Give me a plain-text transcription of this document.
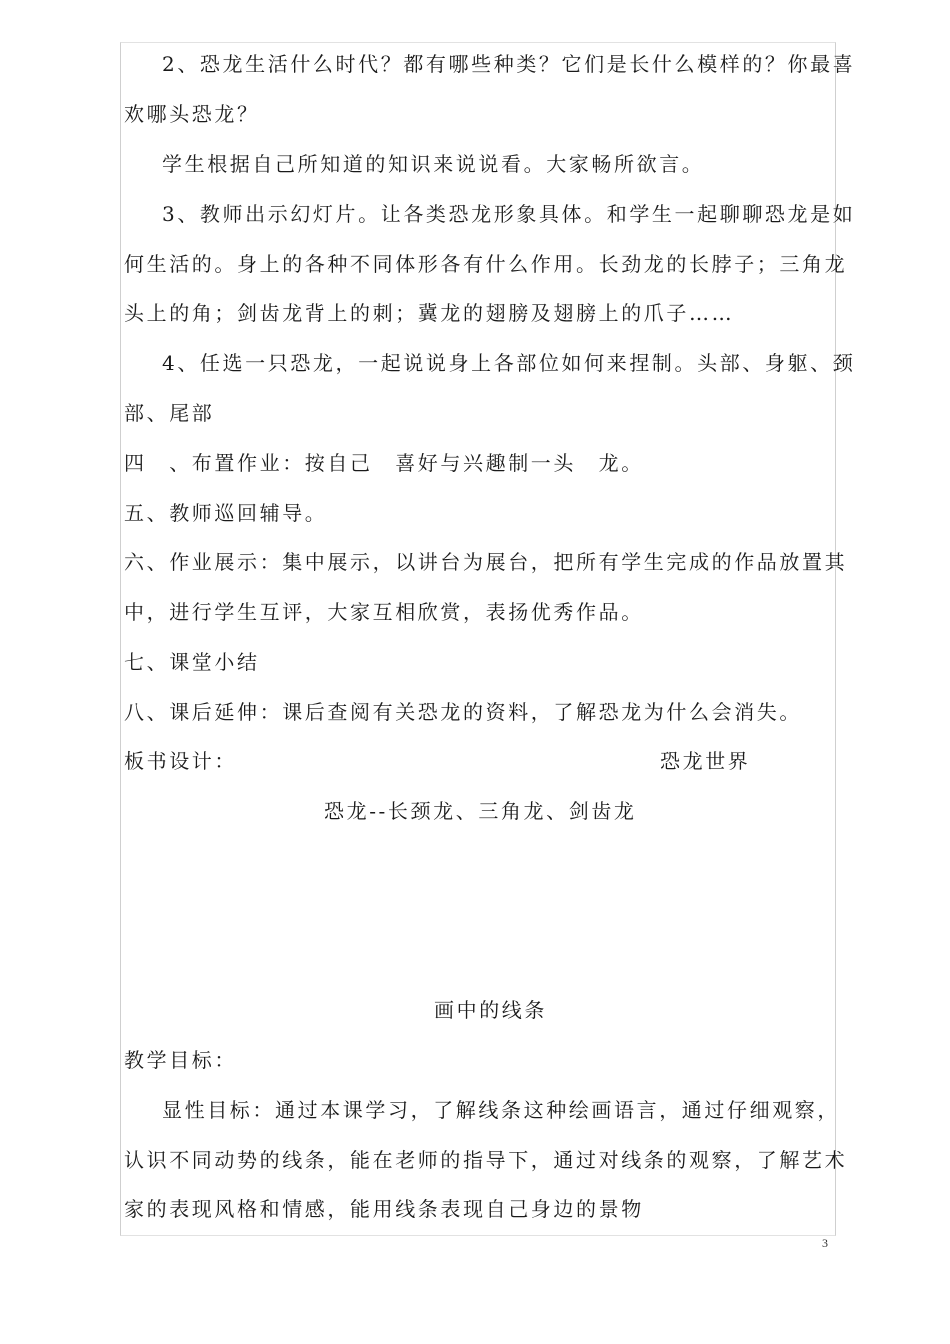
2、恐龙生活什么时代？都有哪些种类？它们是长什么模样的？你最喜
欢哪头恐龙？
学生根据自己所知道的知识来说说看。大家畅所欲言。
3、教师出示幻灯片。让各类恐龙形象具体。和学生一起聊聊恐龙是如
何生活的。身上的各种不同体形各有什么作用。长劲龙的长脖子；三角龙
头上的角；剑齿龙背上的刺；冀龙的翅膀及翅膀上的爪子……
4、任选一只恐龙，一起说说身上各部位如何来捏制。头部、身躯、颈
部、尾部
四　、布置作业：按自己　喜好与兴趣制一头　龙。
五、教师巡回辅导。
六、作业展示：集中展示，以讲台为展台，把所有学生完成的作品放置其
中，进行学生互评，大家互相欣赏，表扬优秀作品。
七、课堂小结
八、课后延伸：课后查阅有关恐龙的资料，了解恐龙为什么会消失。
板书设计：	恐龙世界
恐龙--长颈龙、三角龙、剑齿龙
画中的线条
教学目标：
显性目标：通过本课学习，了解线条这种绘画语言，通过仔细观察，
认识不同动势的线条，能在老师的指导下，通过对线条的观察，了解艺术
家的表现风格和情感，能用线条表现自己身边的景物
3
